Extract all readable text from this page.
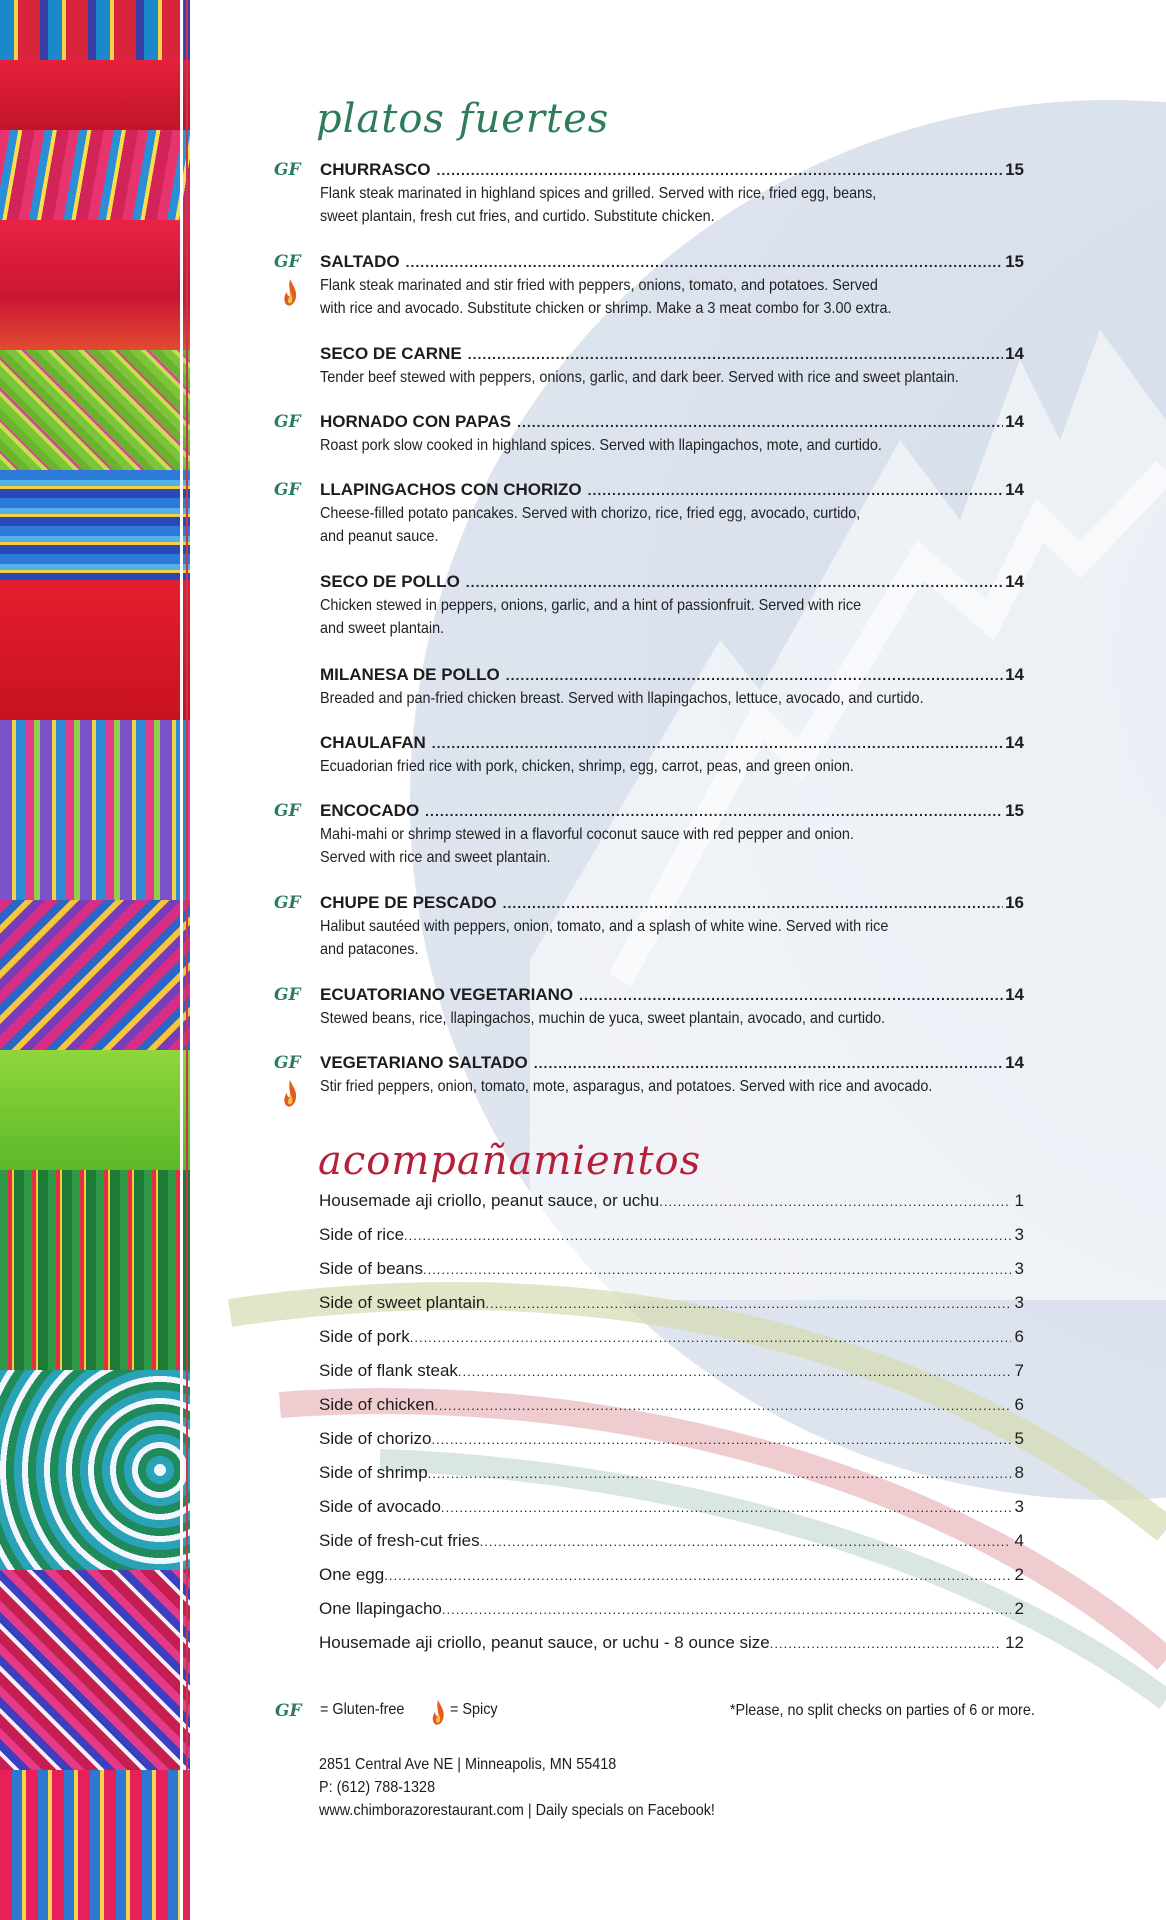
platos fuertes
GF CHURRASCO .....	15
Flank steak marinated in highland spices and grilled. Served with rice, fried egg, beans,
sweet plantain, fresh cut fries, and curtido. Substitute chicken.
GF SALTADO .....	15
Flank steak marinated and stir fried with peppers, onions, tomato, and potatoes. Served
with rice and avocado. Substitute chicken or shrimp. Make a 3 meat combo for 3.00 extra.
SECO DE CARNE .....	14
Tender beef stewed with peppers, onions, garlic, and dark beer. Served with rice and sweet plantain.
GF HORNADO CON PAPAS .....	14
Roast pork slow cooked in highland spices. Served with llapingachos, mote, and curtido.
GF LLAPINGACHOS CON CHORIZO .....	14
Cheese-filled potato pancakes. Served with chorizo, rice, fried egg, avocado, curtido,
and peanut sauce.
SECO DE POLLO .....	14
Chicken stewed in peppers, onions, garlic, and a hint of passionfruit. Served with rice
and sweet plantain.
MILANESA DE POLLO .....	14
Breaded and pan-fried chicken breast. Served with llapingachos, lettuce, avocado, and curtido.
CHAULAFAN .....	14
Ecuadorian fried rice with pork, chicken, shrimp, egg, carrot, peas, and green onion.
GF ENCOCADO .....	15
Mahi-mahi or shrimp stewed in a flavorful coconut sauce with red pepper and onion.
Served with rice and sweet plantain.
GF CHUPE DE PESCADO .....	16
Halibut sautéed with peppers, onion, tomato, and a splash of white wine. Served with rice
and patacones.
GF ECUATORIANO VEGETARIANO .....	14
Stewed beans, rice, llapingachos, muchin de yuca, sweet plantain, avocado, and curtido.
GF VEGETARIANO SALTADO .....	14
Stir fried peppers, onion, tomato, mote, asparagus, and potatoes. Served with rice and avocado.
acompañamientos
Housemade aji criollo, peanut sauce, or uchu .....	1
Side of rice .....	3
Side of beans .....	3
Side of sweet plantain .....	3
Side of pork .....	6
Side of flank steak .....	7
Side of chicken .....	6
Side of chorizo .....	5
Side of shrimp .....	8
Side of avocado .....	3
Side of fresh-cut fries .....	4
One egg .....	2
One llapingacho .....	2
Housemade aji criollo, peanut sauce, or uchu - 8 ounce size .....	12
GF = Gluten-free	= Spicy	*Please, no split checks on parties of 6 or more.
2851 Central Ave NE | Minneapolis, MN 55418
P: (612) 788-1328
www.chimborazorestaurant.com | Daily specials on Facebook!
